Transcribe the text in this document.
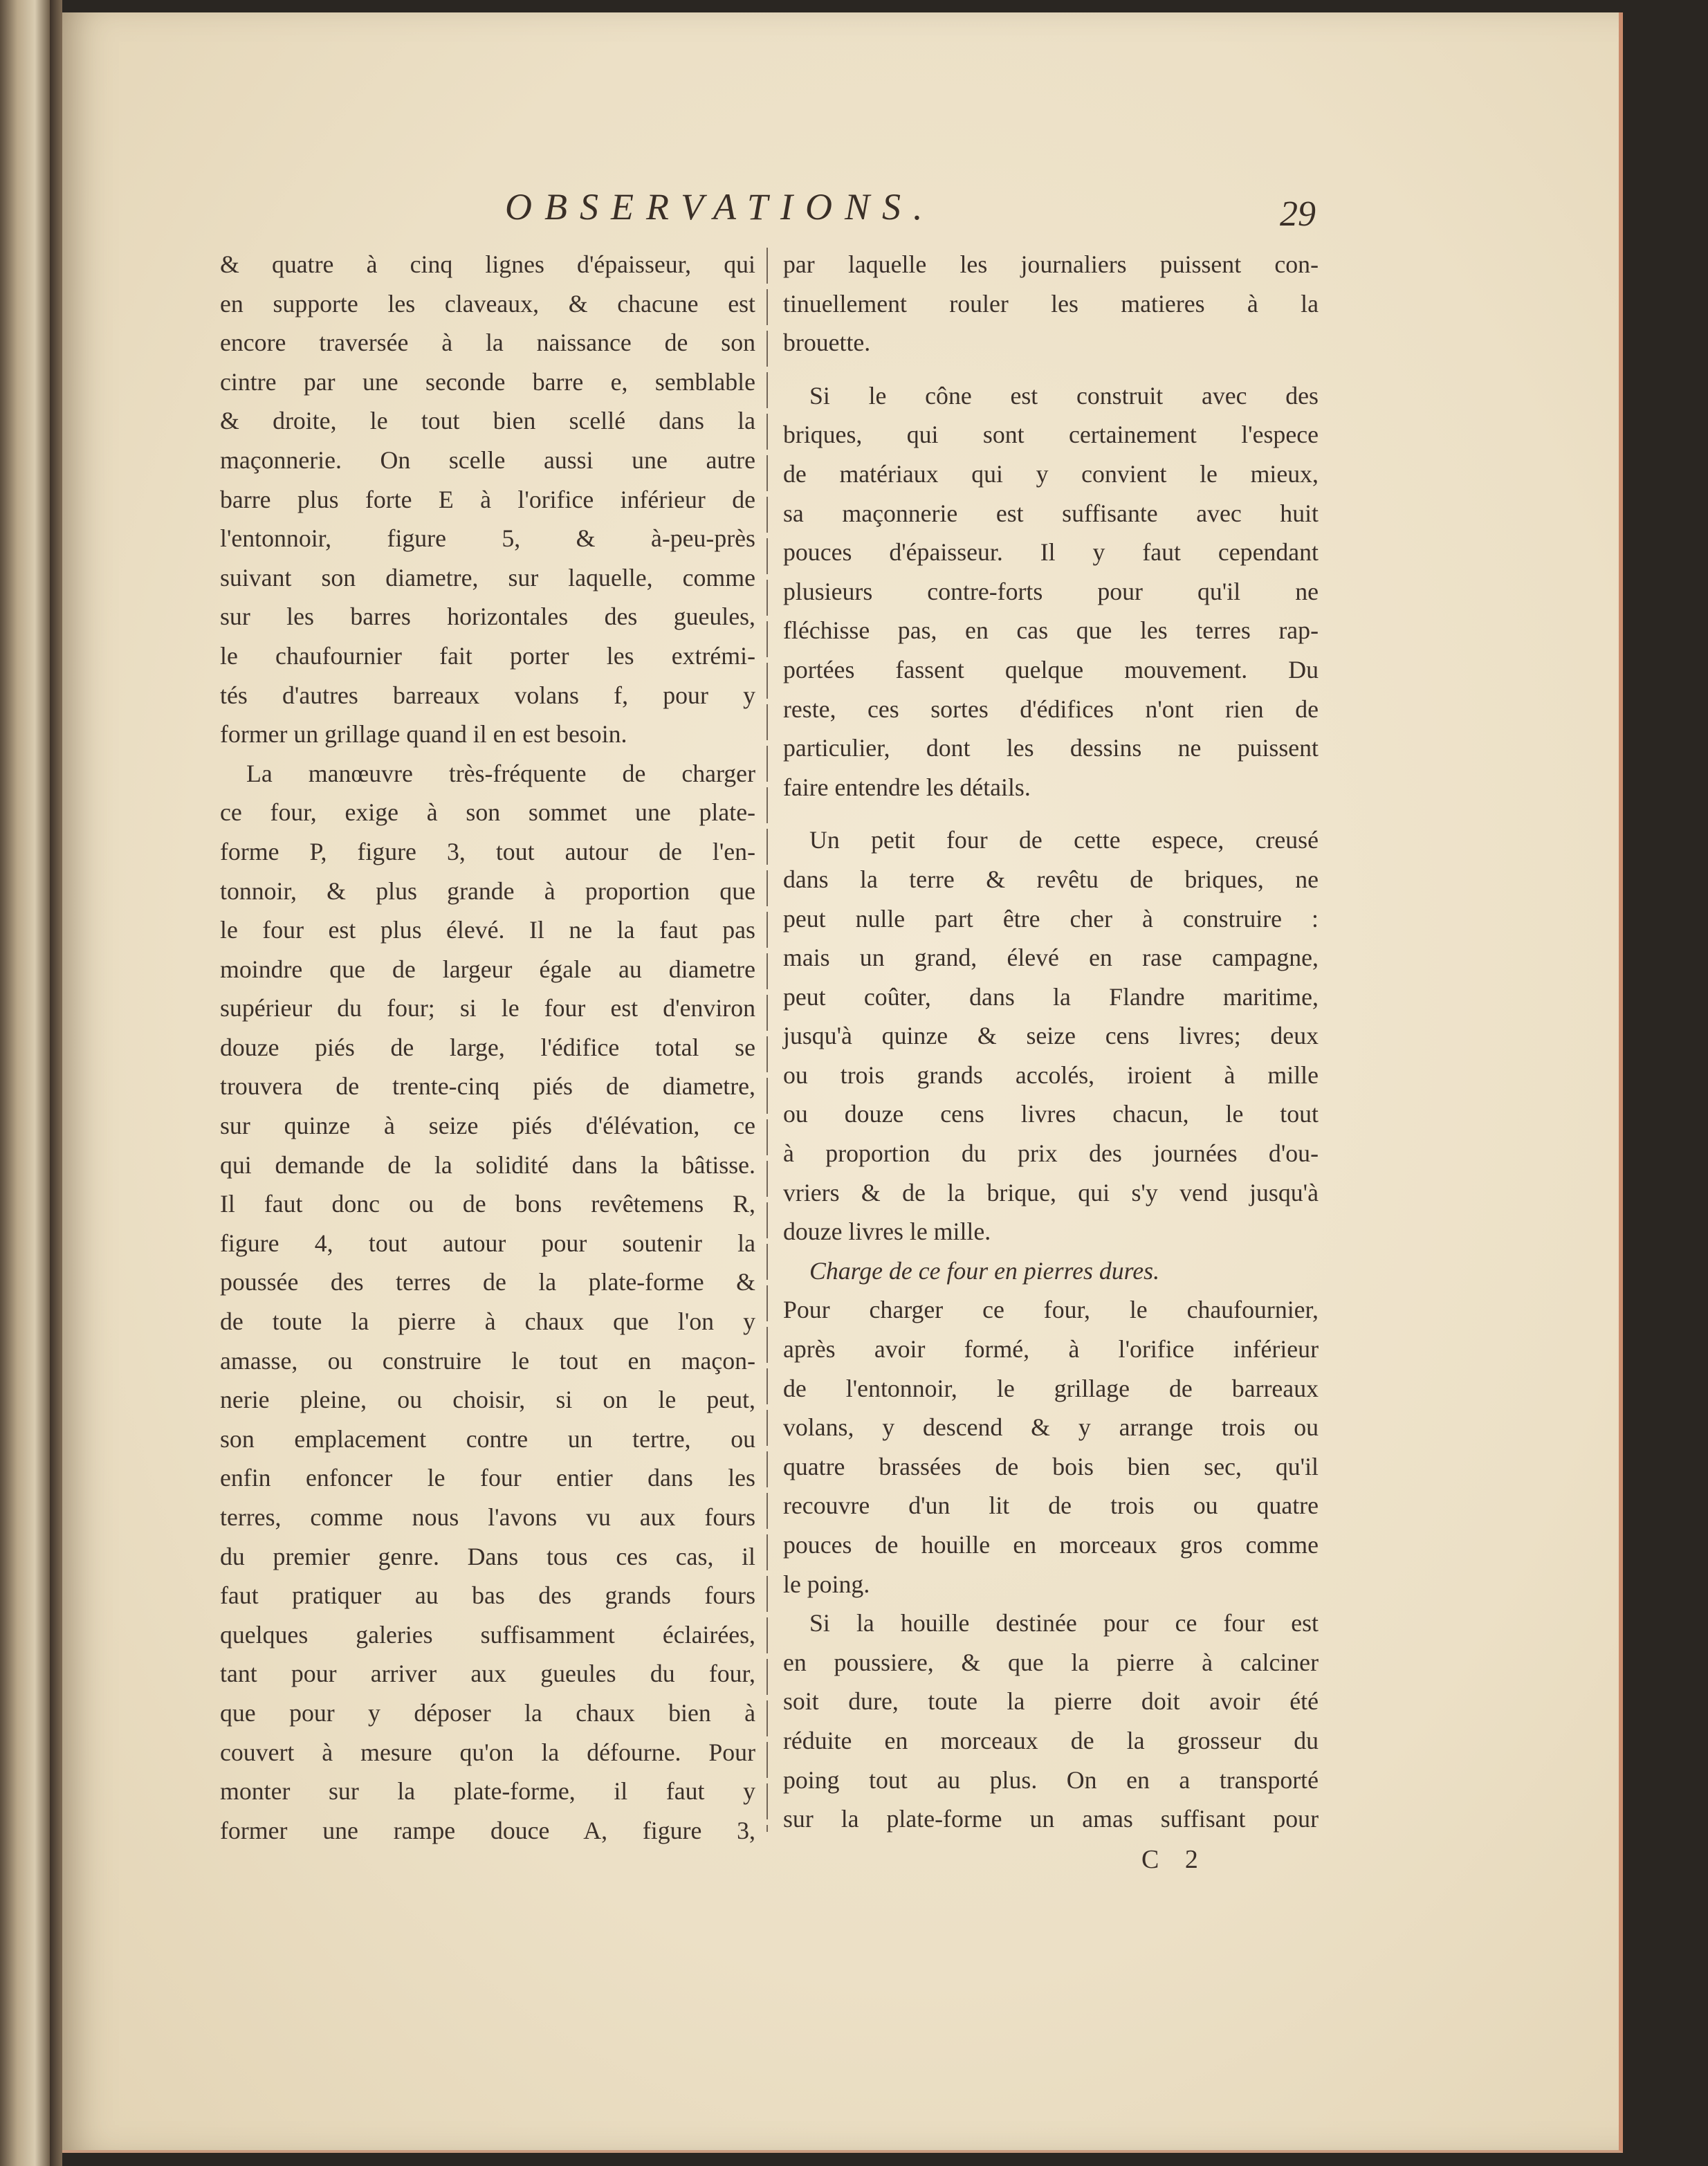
OBSERVATIONS.	29
& quatre à cinq lignes d'épaisseur, qui
en supporte les claveaux, & chacune est
encore traversée à la naissance de son
cintre par une seconde barre e, semblable
& droite, le tout bien scellé dans la
maçonnerie. On scelle aussi une autre
barre plus forte E à l'orifice inférieur de
l'entonnoir, figure 5, & à-peu-près
suivant son diametre, sur laquelle, comme
sur les barres horizontales des gueules,
le chaufournier fait porter les extrémi-
tés d'autres barreaux volans f, pour y
former un grillage quand il en est besoin.
La manœuvre très-fréquente de charger
ce four, exige à son sommet une plate-
forme P, figure 3, tout autour de l'en-
tonnoir, & plus grande à proportion que
le four est plus élevé. Il ne la faut pas
moindre que de largeur égale au diametre
supérieur du four; si le four est d'environ
douze piés de large, l'édifice total se
trouvera de trente-cinq piés de diametre,
sur quinze à seize piés d'élévation, ce
qui demande de la solidité dans la bâtisse.
Il faut donc ou de bons revêtemens R,
figure 4, tout autour pour soutenir la
poussée des terres de la plate-forme &
de toute la pierre à chaux que l'on y
amasse, ou construire le tout en maçon-
nerie pleine, ou choisir, si on le peut,
son emplacement contre un tertre, ou
enfin enfoncer le four entier dans les
terres, comme nous l'avons vu aux fours
du premier genre. Dans tous ces cas, il
faut pratiquer au bas des grands fours
quelques galeries suffisamment éclairées,
tant pour arriver aux gueules du four,
que pour y déposer la chaux bien à
couvert à mesure qu'on la défourne. Pour
monter sur la plate-forme, il faut y
former une rampe douce A, figure 3,
par laquelle les journaliers puissent con-
tinuellement rouler les matieres à la
brouette.
Si le cône est construit avec des
briques, qui sont certainement l'espece
de matériaux qui y convient le mieux,
sa maçonnerie est suffisante avec huit
pouces d'épaisseur. Il y faut cependant
plusieurs contre-forts pour qu'il ne
fléchisse pas, en cas que les terres rap-
portées fassent quelque mouvement. Du
reste, ces sortes d'édifices n'ont rien de
particulier, dont les dessins ne puissent
faire entendre les détails.
Un petit four de cette espece, creusé
dans la terre & revêtu de briques, ne
peut nulle part être cher à construire :
mais un grand, élevé en rase campagne,
peut coûter, dans la Flandre maritime,
jusqu'à quinze & seize cens livres; deux
ou trois grands accolés, iroient à mille
ou douze cens livres chacun, le tout
à proportion du prix des journées d'ou-
vriers & de la brique, qui s'y vend jusqu'à
douze livres le mille.
Charge de ce four en pierres dures.
Pour charger ce four, le chaufournier,
après avoir formé, à l'orifice inférieur
de l'entonnoir, le grillage de barreaux
volans, y descend & y arrange trois ou
quatre brassées de bois bien sec, qu'il
recouvre d'un lit de trois ou quatre
pouces de houille en morceaux gros comme
le poing.
Si la houille destinée pour ce four est
en poussiere, & que la pierre à calciner
soit dure, toute la pierre doit avoir été
réduite en morceaux de la grosseur du
poing tout au plus. On en a transporté
sur la plate-forme un amas suffisant pour
C 2
